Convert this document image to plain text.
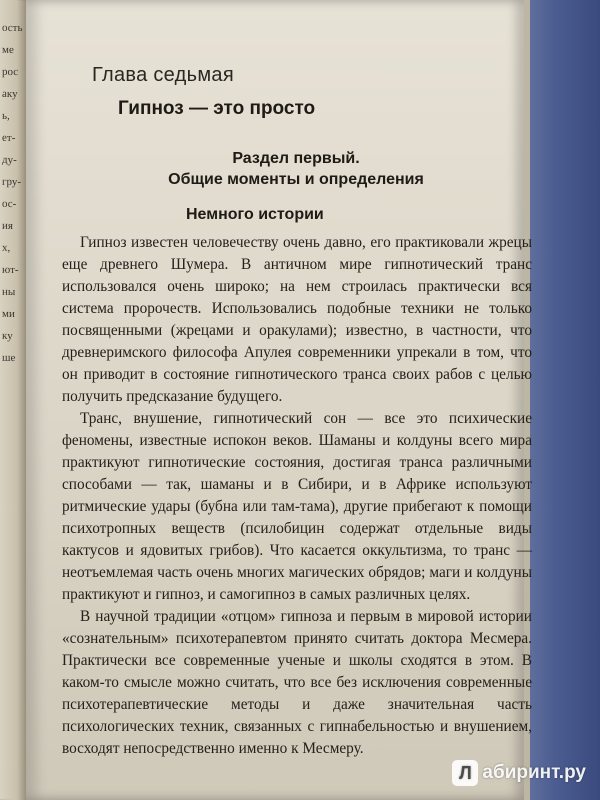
ость
ме
рос
аку
ь,
ет-
ду-
гру-
ос-
ия
х,
ют-
ны
ми
ку
ше
Глава седьмая
Гипноз — это просто
Раздел первый.
Общие моменты и определения
Немного истории

Гипноз известен человечеству очень давно, его практиковали жрецы еще древнего Шумера. В античном мире гипнотический транс использовался очень широко; на нем строилась практически вся система пророчеств. Использовались подобные техники не только посвященными (жрецами и оракулами); известно, в частности, что древнеримского философа Апулея современники упрекали в том, что он приводит в состояние гипнотического транса своих рабов с целью получить предсказание будущего.

Транс, внушение, гипнотический сон — все это психические феномены, известные испокон веков. Шаманы и колдуны всего мира практикуют гипнотические состояния, достигая транса различными способами — так, шаманы и в Сибири, и в Африке используют ритмические удары (бубна или там-тама), другие прибегают к помощи психотропных веществ (псилобицин содержат отдельные виды кактусов и ядовитых грибов). Что касается оккультизма, то транс — неотъемлемая часть очень многих магических обрядов; маги и колдуны практикуют и гипноз, и самогипноз в самых различных целях.

В научной традиции «отцом» гипноза и первым в мировой истории «сознательным» психотерапевтом принято считать доктора Месмера. Практически все современные ученые и школы сходятся в этом. В каком-то смысле можно считать, что все без исключения современные психотерапевтические методы и даже значительная часть психологических техник, связанных с гипнабельностью и внушением, восходят непосредственно именно к Месмеру.

Л абиринт.ру
